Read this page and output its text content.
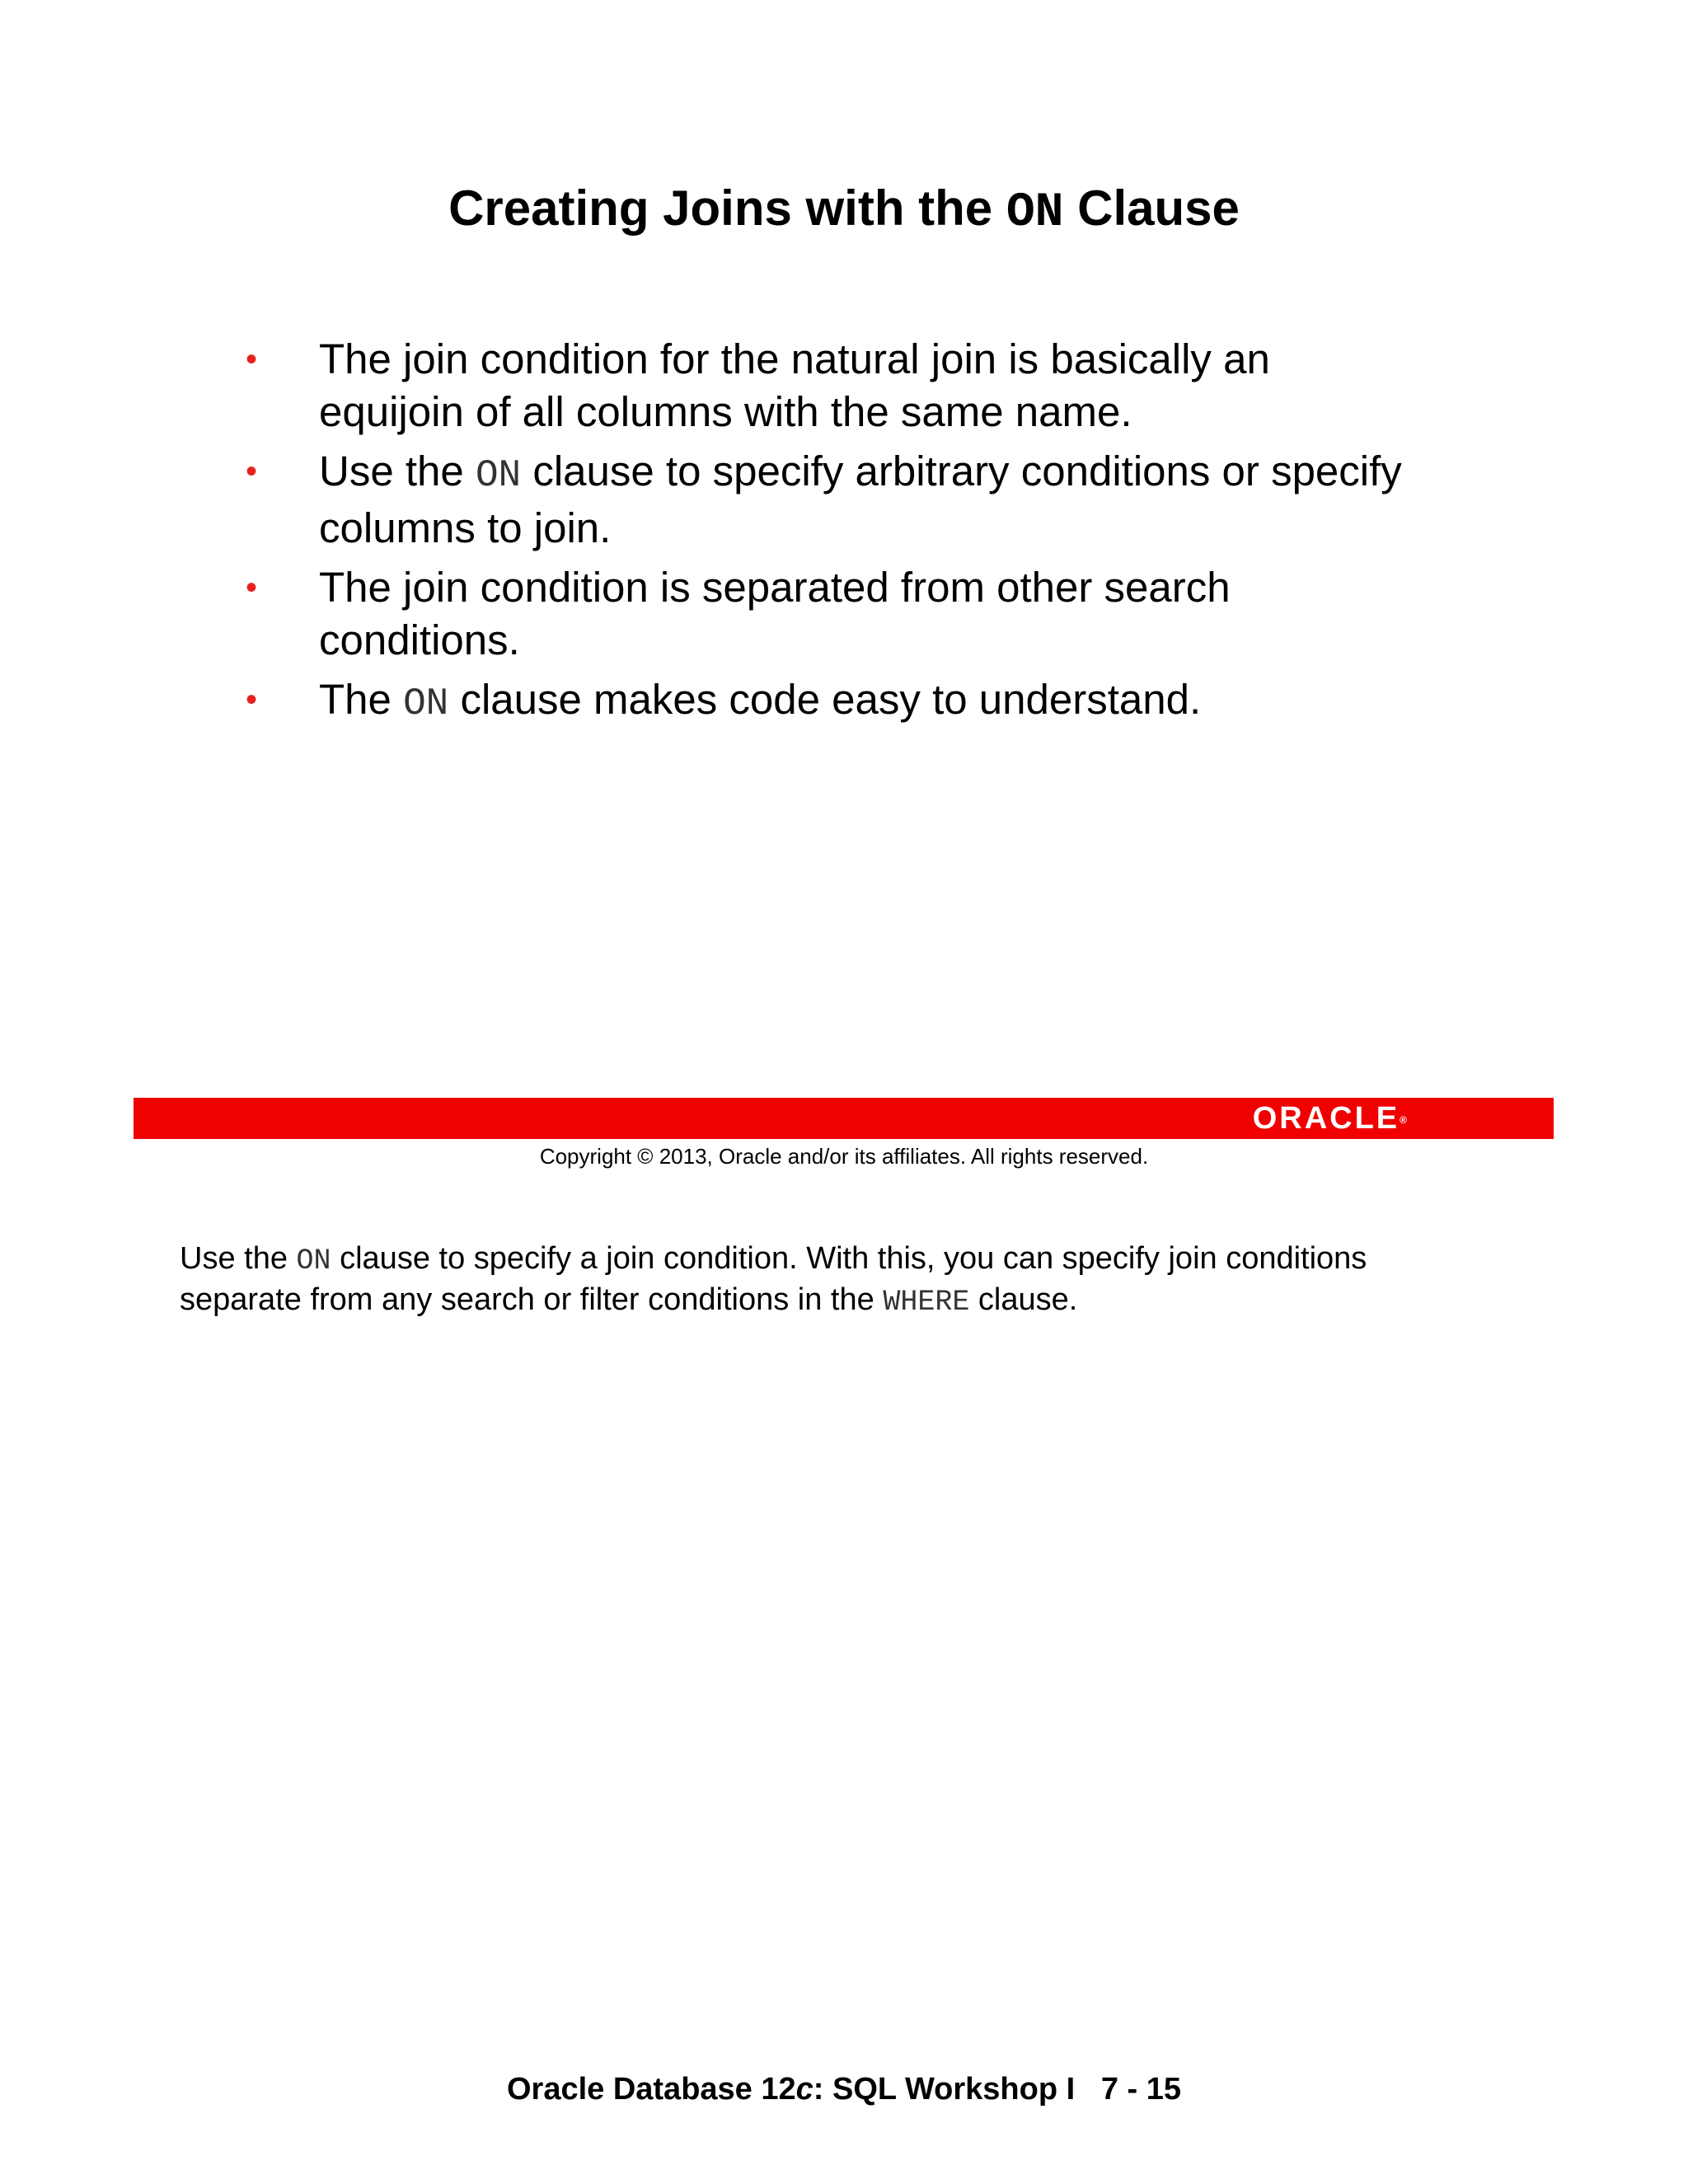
Creating Joins with the ON Clause
• The join condition for the natural join is basically an
equijoin of all columns with the same name.
• Use the ON clause to specify arbitrary conditions or specify
columns to join.
• The join condition is separated from other search
conditions.
• The ON clause makes code easy to understand.
ORACLE®
Copyright © 2013, Oracle and/or its affiliates. All rights reserved.

Use the ON clause to specify a join condition. With this, you can specify join conditions
separate from any search or filter conditions in the WHERE clause.

Oracle Database 12c: SQL Workshop I   7 - 15
